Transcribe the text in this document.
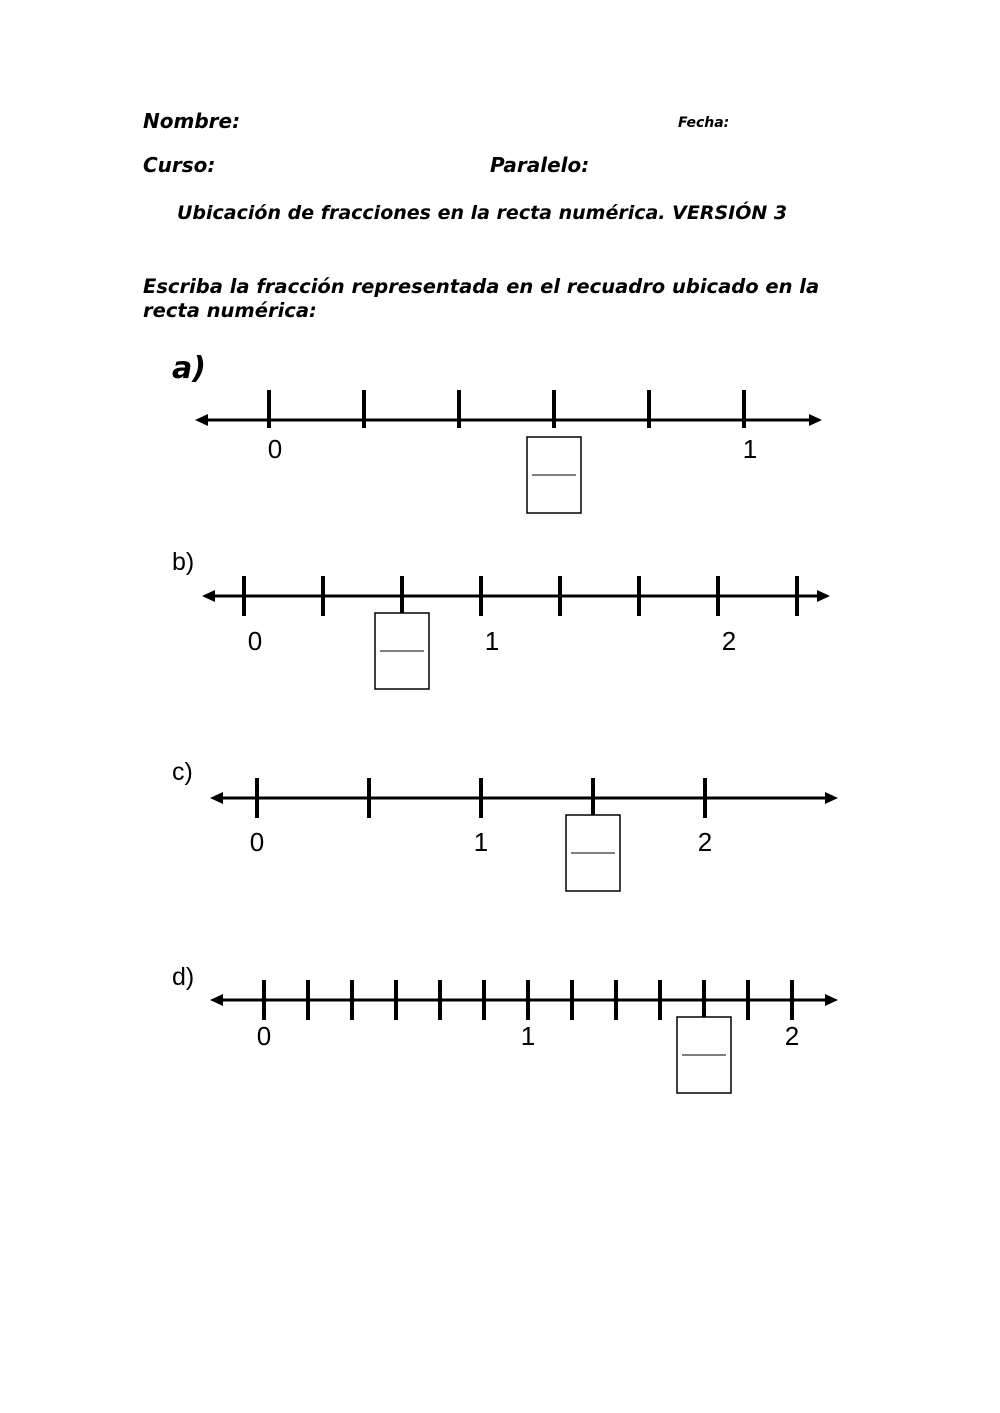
Nombre:	Fecha:
Curso:	Paralelo:
Ubicación de fracciones en la recta numérica. VERSIÓN 3
Escriba la fracción representada en el recuadro ubicado en la recta numérica:
a)
0	1
b)
0	1	2
c)
0	1	2
d)
0	1	2
